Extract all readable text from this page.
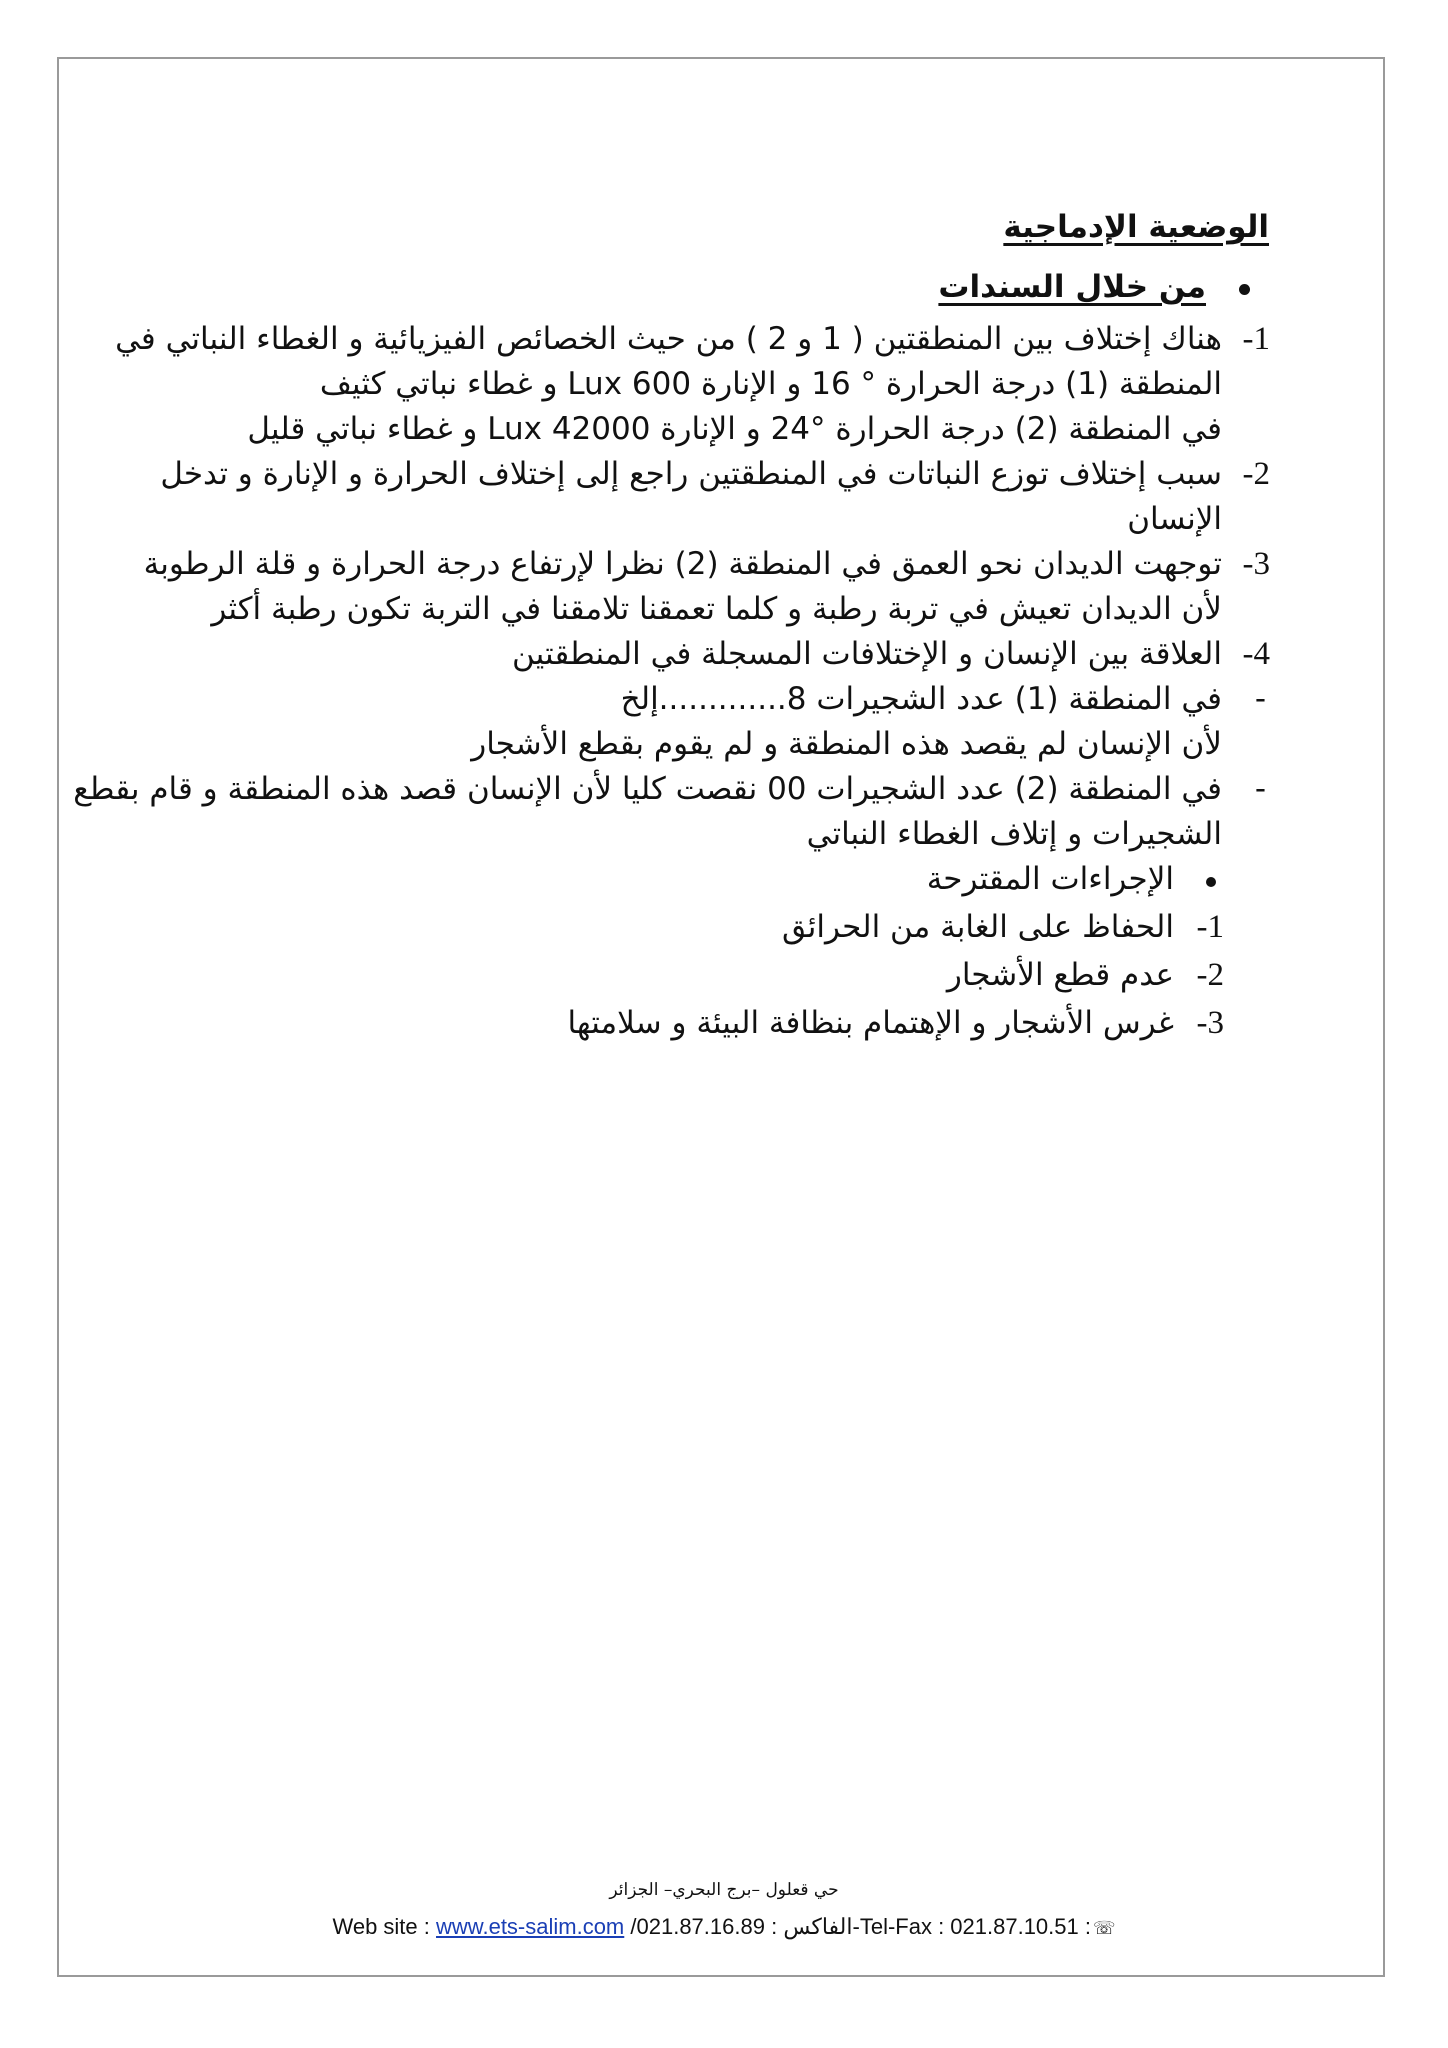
الوضعية الإدماجية
من خلال السندات
1-
هناك إختلاف بين المنطقتين ( 1 و 2 ) من حيث الخصائص الفيزيائية و الغطاء النباتي في
المنطقة (1) درجة الحرارة ° 16 و الإنارة 600 Lux و غطاء نباتي كثيف
في المنطقة (2) درجة الحرارة °24 و الإنارة 42000 Lux و غطاء نباتي قليل
2-
سبب إختلاف توزع النباتات في المنطقتين راجع إلى إختلاف الحرارة و الإنارة و تدخل
الإنسان
3-
توجهت الديدان نحو العمق في المنطقة (2) نظرا لإرتفاع درجة الحرارة و قلة الرطوبة
لأن الديدان تعيش في تربة رطبة و كلما تعمقنا تلامقنا في التربة تكون رطبة أكثر
4-
العلاقة بين الإنسان و الإختلافات المسجلة في المنطقتين
-
في المنطقة (1) عدد الشجيرات 8.............إلخ
لأن الإنسان لم يقصد هذه المنطقة و لم يقوم بقطع الأشجار
-
في المنطقة (2) عدد الشجيرات 00 نقصت كليا لأن الإنسان قصد هذه المنطقة و قام بقطع
الشجيرات و إتلاف الغطاء النباتي
الإجراءات المقترحة
1-
الحفاظ على الغابة من الحرائق
2-
عدم قطع الأشجار
3-
غرس الأشجار و الإهتمام بنظافة البيئة و سلامتها
حي قعلول –برج البحري– الجزائر
Web site : www.ets-salim.com /021.87.16.89 -الفاكس :Tel-Fax : 021.87.10.51 : ☏
